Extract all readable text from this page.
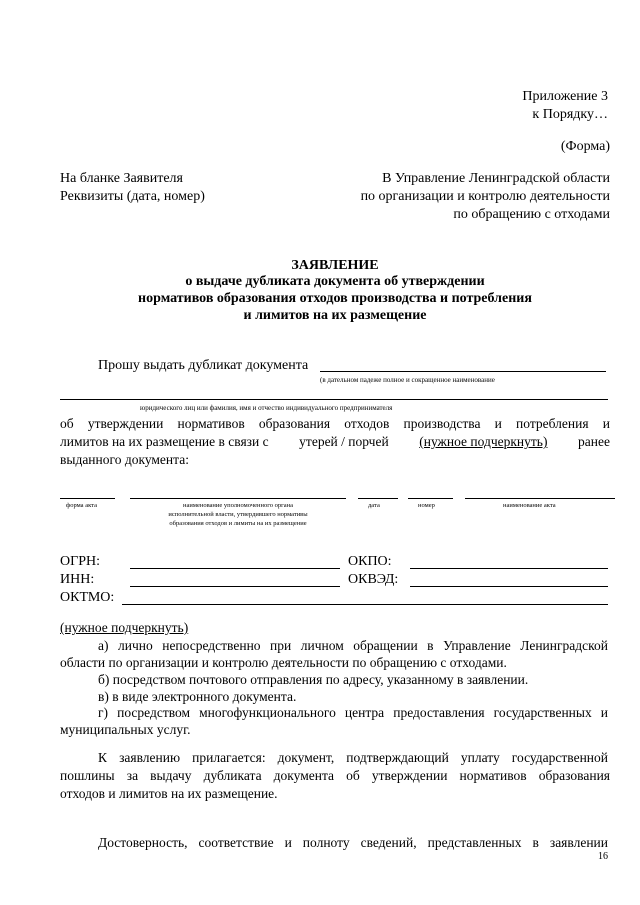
Приложение 3
к Порядку…
(Форма)
На бланке Заявителя
Реквизиты (дата, номер)
В Управление Ленинградской области
по организации и контролю деятельности
по обращению с отходами
ЗАЯВЛЕНИЕ
о выдаче дубликата документа об утверждении
нормативов образования отходов производства и потребления
и лимитов на их размещение
Прошу выдать дубликат документа
(в дательном падеже полное и сокращенное наименование
юридического лиц или фамилия, имя и отчество индивидуального предпринимателя
об утверждении нормативов образования отходов производства и потребления и
лимитов на их размещение в связи с утерей / порчей (нужное подчеркнуть) ранее
выданного документа:
форма акта	наименование уполномоченного органа
исполнительной власти, утвердившего нормативы
образования отходов и лимиты на их размещение
дата	номер	наименование акта
ОГРН:	ОКПО:
ИНН:	ОКВЭД:
ОКТМО:
(нужное подчеркнуть)
а) лично непосредственно при личном обращении в Управление Ленинградской
области по организации и контролю деятельности по обращению с отходами.
б) посредством почтового отправления по адресу, указанному в заявлении.
в) в виде электронного документа.
г) посредством многофункционального центра предоставления государственных и
муниципальных услуг.
К заявлению прилагается: документ, подтверждающий уплату государственной
пошлины за выдачу дубликата документа об утверждении нормативов образования
отходов и лимитов на их размещение.
Достоверность, соответствие и полноту сведений, представленных в заявлении
16
